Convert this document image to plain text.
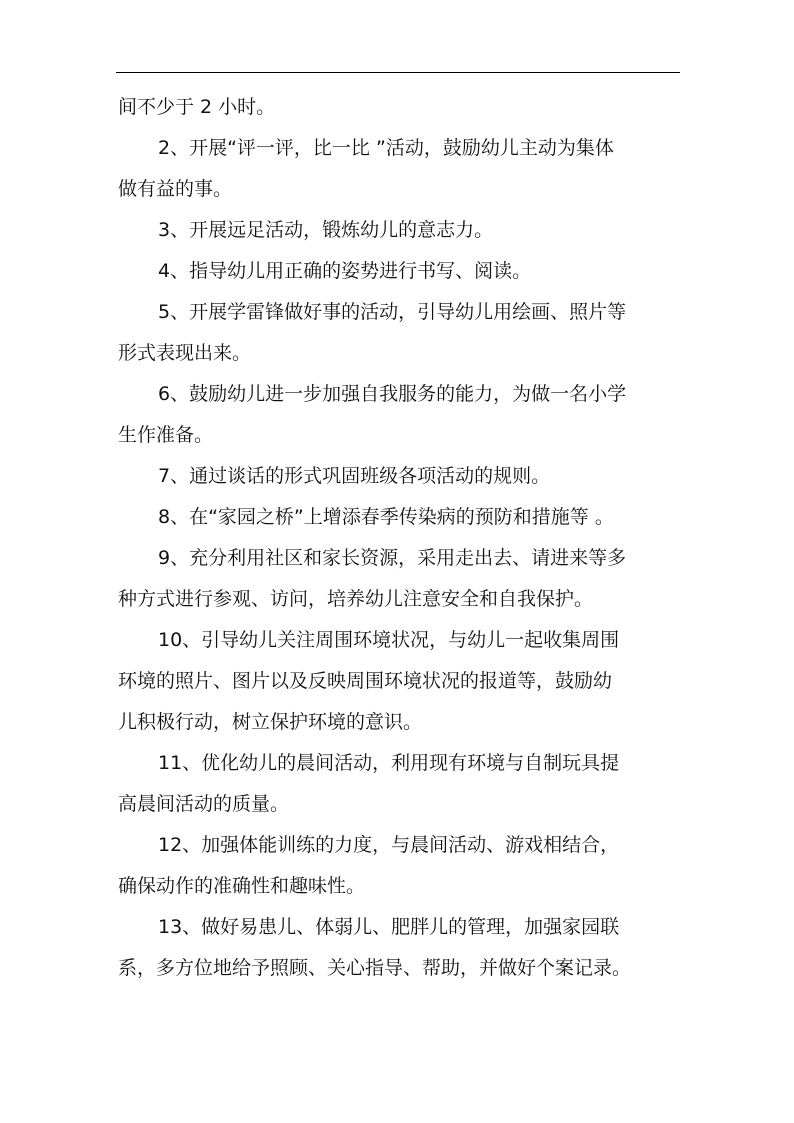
间不少于 2 小时。
2、开展“评一评，比一比 ”活动，鼓励幼儿主动为集体
做有益的事。
3、开展远足活动，锻炼幼儿的意志力。
4、指导幼儿用正确的姿势进行书写、阅读。
5、开展学雷锋做好事的活动，引导幼儿用绘画、照片等
形式表现出来。
6、鼓励幼儿进一步加强自我服务的能力，为做一名小学
生作准备。
7、通过谈话的形式巩固班级各项活动的规则。
8、在“家园之桥”上增添春季传染病的预防和措施等 。
9、充分利用社区和家长资源，采用走出去、请进来等多
种方式进行参观、访问，培养幼儿注意安全和自我保护。
10、引导幼儿关注周围环境状况，与幼儿一起收集周围
环境的照片、图片以及反映周围环境状况的报道等，鼓励幼
儿积极行动，树立保护环境的意识。
11、优化幼儿的晨间活动，利用现有环境与自制玩具提
高晨间活动的质量。
12、加强体能训练的力度，与晨间活动、游戏相结合，
确保动作的准确性和趣味性。
13、做好易患儿、体弱儿、肥胖儿的管理，加强家园联
系，多方位地给予照顾、关心指导、帮助，并做好个案记录。
